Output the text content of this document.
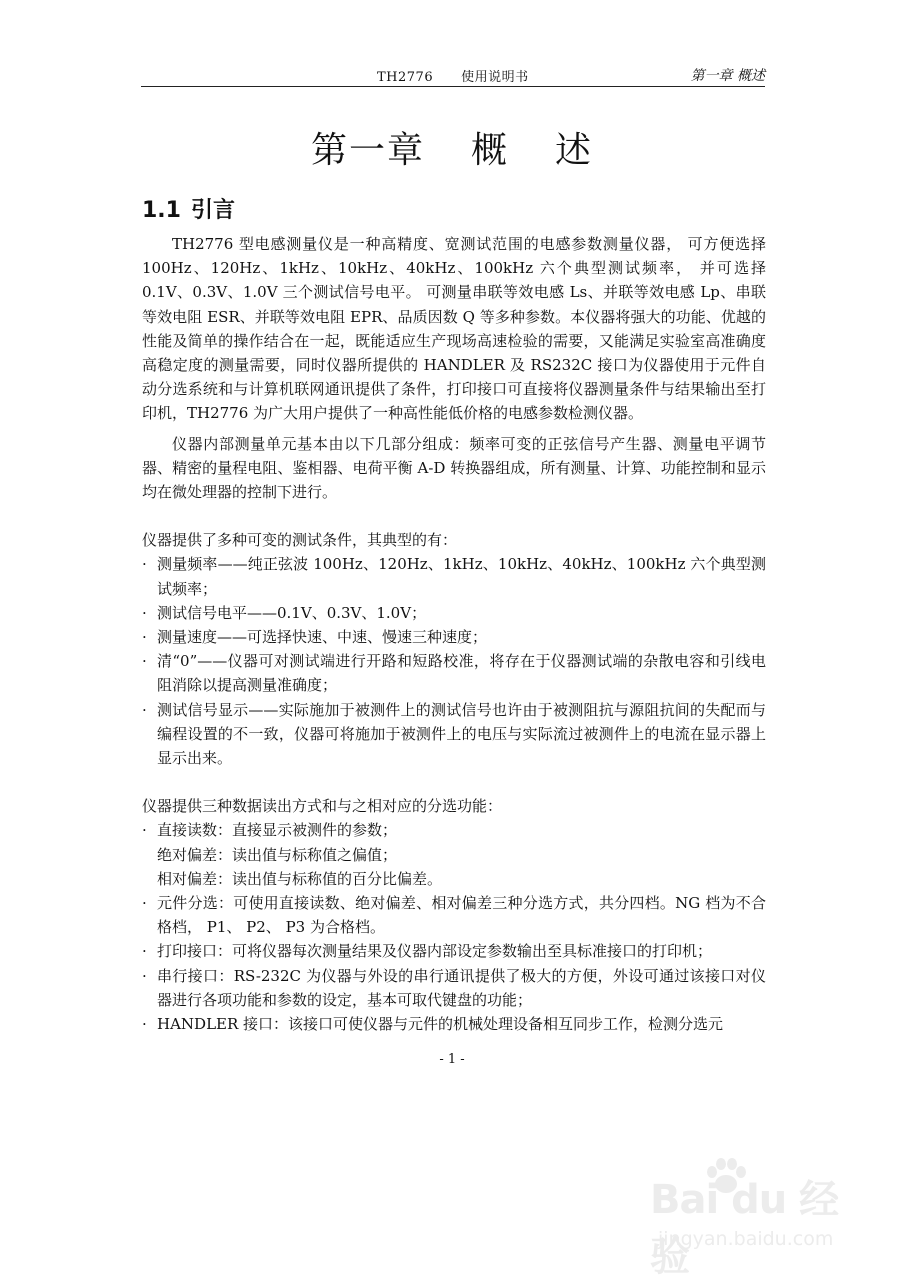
TH2776 使用说明书	第一章 概述
第一章 概 述
1.1 引言

TH2776 型电感测量仪是一种高精度、宽测试范围的电感参数测量仪器， 可方便选择 100Hz、120Hz、1kHz、10kHz、40kHz、100kHz 六个典型测试频率， 并可选择 0.1V、0.3V、1.0V 三个测试信号电平。 可测量串联等效电感 Ls、并联等效电感 Lp、串联等效电阻 ESR、并联等效电阻 EPR、品质因数 Q 等多种参数。本仪器将强大的功能、优越的性能及简单的操作结合在一起，既能适应生产现场高速检验的需要，又能满足实验室高准确度高稳定度的测量需要，同时仪器所提供的 HANDLER 及 RS232C 接口为仪器使用于元件自动分选系统和与计算机联网通讯提供了条件，打印接口可直接将仪器测量条件与结果输出至打印机，TH2776 为广大用户提供了一种高性能低价格的电感参数检测仪器。

仪器内部测量单元基本由以下几部分组成：频率可变的正弦信号产生器、测量电平调节器、精密的量程电阻、鉴相器、电荷平衡 A-D 转换器组成，所有测量、计算、功能控制和显示均在微处理器的控制下进行。

仪器提供了多种可变的测试条件，其典型的有：

· 测量频率——纯正弦波 100Hz、120Hz、1kHz、10kHz、40kHz、100kHz 六个典型测试频率；
· 测试信号电平——0.1V、0.3V、1.0V；
· 测量速度——可选择快速、中速、慢速三种速度；
· 清“0”——仪器可对测试端进行开路和短路校准，将存在于仪器测试端的杂散电容和引线电阻消除以提高测量准确度；
· 测试信号显示——实际施加于被测件上的测试信号也许由于被测阻抗与源阻抗间的失配而与编程设置的不一致，仪器可将施加于被测件上的电压与实际流过被测件上的电流在显示器上显示出来。

仪器提供三种数据读出方式和与之相对应的分选功能：

· 直接读数：直接显示被测件的参数；
绝对偏差：读出值与标称值之偏值；
相对偏差：读出值与标称值的百分比偏差。
· 元件分选：可使用直接读数、绝对偏差、相对偏差三种分选方式，共分四档。NG 档为不合格档， P1、 P2、 P3 为合格档。
· 打印接口：可将仪器每次测量结果及仪器内部设定参数输出至具标准接口的打印机；
· 串行接口：RS-232C 为仪器与外设的串行通讯提供了极大的方便，外设可通过该接口对仪器进行各项功能和参数的设定，基本可取代键盘的功能；
· HANDLER 接口：该接口可使仪器与元件的机械处理设备相互同步工作，检测分选元
- 1 -
Bai du 经验
jingyan.baidu.com
